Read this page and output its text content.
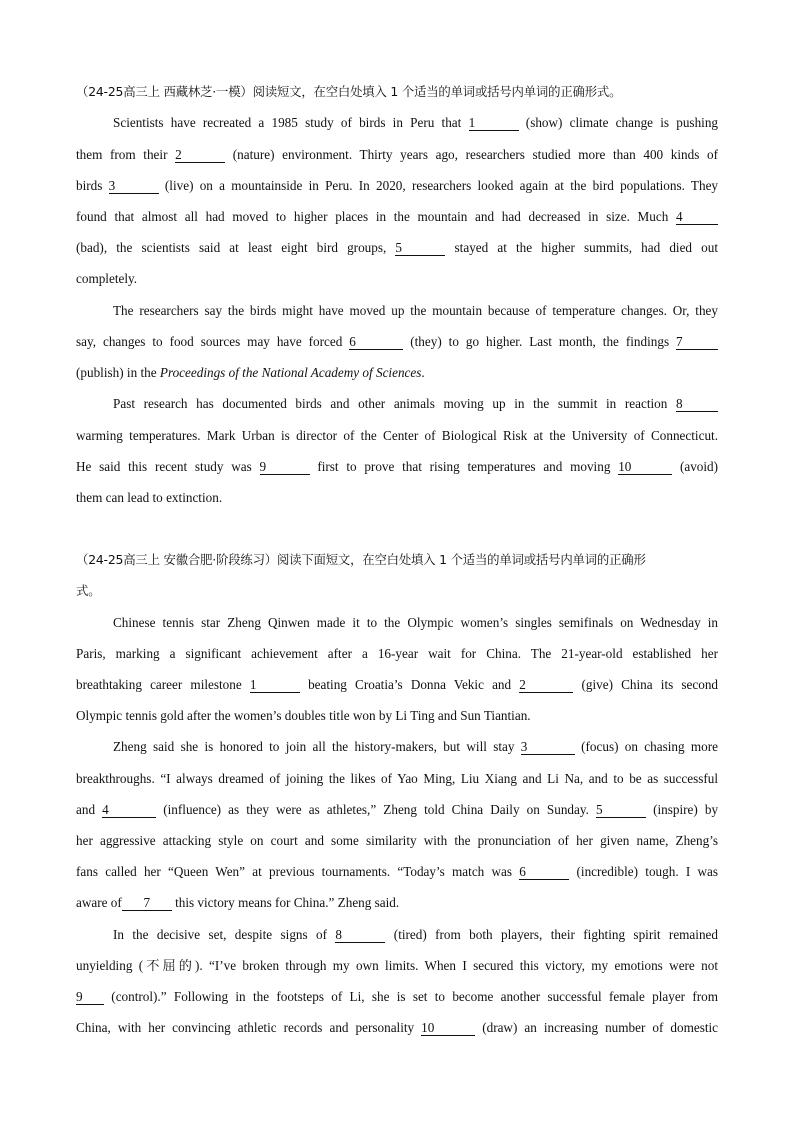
（24-25高三上 西藏林芝·一模）阅读短文，在空白处填入 1 个适当的单词或括号内单词的正确形式。
Scientists have recreated a 1985 study of birds in Peru that 1	(show) climate change is pushing
them from their 2	(nature) environment. Thirty years ago, researchers studied more than 400 kinds of
birds 3	(live) on a mountainside in Peru. In 2020, researchers looked again at the bird populations. They
found that almost all had moved to higher places in the mountain and had decreased in size. Much 4
(bad), the scientists said at least eight bird groups, 5	stayed at the higher summits, had died out
completely.
The researchers say the birds might have moved up the mountain because of temperature changes. Or, they
say, changes to food sources may have forced 6	(they) to go higher. Last month, the findings 7
(publish) in the Proceedings of the National Academy of Sciences.
Past research has documented birds and other animals moving up in the summit in reaction 8
warming temperatures. Mark Urban is director of the Center of Biological Risk at the University of Connecticut.
He said this recent study was 9	first to prove that rising temperatures and moving 10	(avoid)
them can lead to extinction.
（24-25高三上 安徽合肥·阶段练习）阅读下面短文，在空白处填入 1 个适当的单词或括号内单词的正确形
式。
Chinese tennis star Zheng Qinwen made it to the Olympic women’s singles semifinals on Wednesday in
Paris, marking a significant achievement after a 16-year wait for China. The 21-year-old established her
breathtaking career milestone 1	beating Croatia’s Donna Vekic and 2	(give) China its second
Olympic tennis gold after the women’s doubles title won by Li Ting and Sun Tiantian.
Zheng said she is honored to join all the history-makers, but will stay 3	(focus) on chasing more
breakthroughs. “I always dreamed of joining the likes of Yao Ming, Liu Xiang and Li Na, and to be as successful
and 4	(influence) as they were as athletes,” Zheng told China Daily on Sunday. 5	(inspire) by
her aggressive attacking style on court and some similarity with the pronunciation of her given name, Zheng’s
fans called her “Queen Wen” at previous tournaments. “Today’s match was 6	(incredible) tough. I was
aware of 7 this victory means for China.” Zheng said.
In the decisive set, despite signs of 8	(tired) from both players, their fighting spirit remained
unyielding (不屈的). “I’ve broken through my own limits. When I secured this victory, my emotions were not
9 (control).” Following in the footsteps of Li, she is set to become another successful female player from
China, with her convincing athletic records and personality 10	(draw) an increasing number of domestic
